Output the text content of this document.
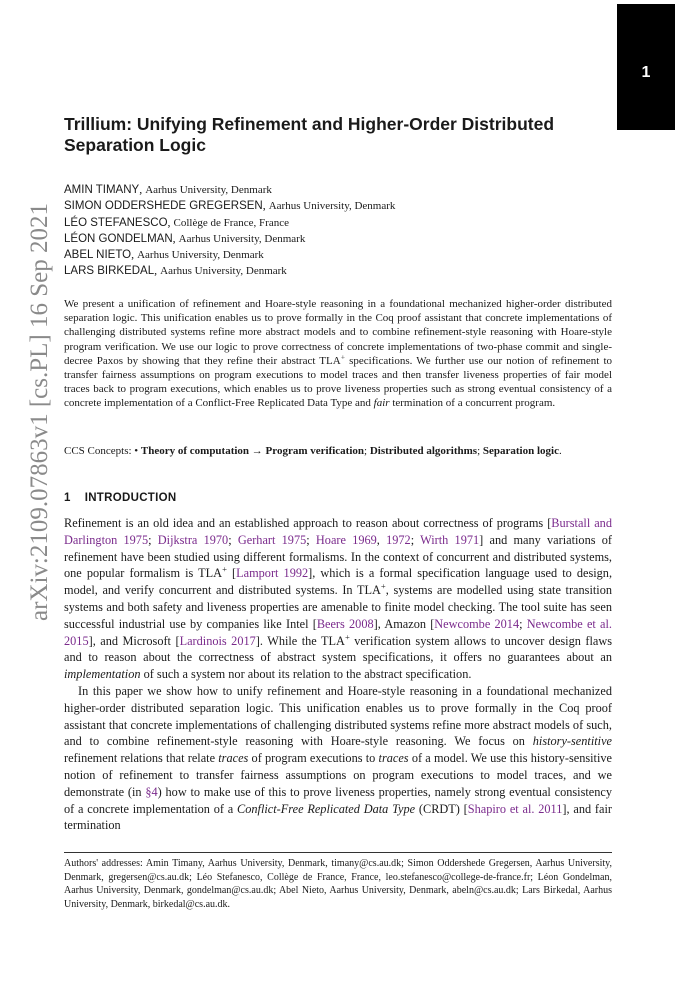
1
arXiv:2109.07863v1 [cs.PL] 16 Sep 2021
Trillium: Unifying Refinement and Higher-Order Distributed Separation Logic
AMIN TIMANY, Aarhus University, Denmark
SIMON ODDERSHEDE GREGERSEN, Aarhus University, Denmark
LÉO STEFANESCO, Collège de France, France
LÉON GONDELMAN, Aarhus University, Denmark
ABEL NIETO, Aarhus University, Denmark
LARS BIRKEDAL, Aarhus University, Denmark

We present a unification of refinement and Hoare-style reasoning in a foundational mechanized higher-order distributed separation logic. This unification enables us to prove formally in the Coq proof assistant that concrete implementations of challenging distributed systems refine more abstract models and to combine refinement-style reasoning with Hoare-style program verification. We use our logic to prove correctness of concrete implementations of two-phase commit and single-decree Paxos by showing that they refine their abstract TLA+ specifications. We further use our notion of refinement to transfer fairness assumptions on program executions to model traces and then transfer liveness properties of fair model traces back to program executions, which enables us to prove liveness properties such as strong eventual consistency of a concrete implementation of a Conflict-Free Replicated Data Type and fair termination of a concurrent program.

CCS Concepts: • Theory of computation → Program verification; Distributed algorithms; Separation logic.

1 INTRODUCTION

Refinement is an old idea and an established approach to reason about correctness of programs [Burstall and Darlington 1975; Dijkstra 1970; Gerhart 1975; Hoare 1969, 1972; Wirth 1971] and many variations of refinement have been studied using different formalisms. In the context of concurrent and distributed systems, one popular formalism is TLA+ [Lamport 1992], which is a formal specification language used to design, model, and verify concurrent and distributed systems. In TLA+, systems are modelled using state transition systems and both safety and liveness properties are amenable to finite model checking. The tool suite has seen successful industrial use by companies like Intel [Beers 2008], Amazon [Newcombe 2014; Newcombe et al. 2015], and Microsoft [Lardinois 2017]. While the TLA+ verification system allows to uncover design flaws and to reason about the correctness of abstract system specifications, it offers no guarantees about an implementation of such a system nor about its relation to the abstract specification.

In this paper we show how to unify refinement and Hoare-style reasoning in a foundational mechanized higher-order distributed separation logic. This unification enables us to prove formally in the Coq proof assistant that concrete implementations of challenging distributed systems refine more abstract models of such, and to combine refinement-style reasoning with Hoare-style reasoning. We focus on history-sentitive refinement relations that relate traces of program executions to traces of a model. We use this history-sensitive notion of refinement to transfer fairness assumptions on program executions to model traces, and we demonstrate (in §4) how to make use of this to prove liveness properties, namely strong eventual consistency of a concrete implementation of a Conflict-Free Replicated Data Type (CRDT) [Shapiro et al. 2011], and fair termination

Authors' addresses: Amin Timany, Aarhus University, Denmark, timany@cs.au.dk; Simon Oddershede Gregersen, Aarhus University, Denmark, gregersen@cs.au.dk; Léo Stefanesco, Collège de France, France, leo.stefanesco@college-de-france.fr; Léon Gondelman, Aarhus University, Denmark, gondelman@cs.au.dk; Abel Nieto, Aarhus University, Denmark, abeln@cs.au.dk; Lars Birkedal, Aarhus University, Denmark, birkedal@cs.au.dk.
